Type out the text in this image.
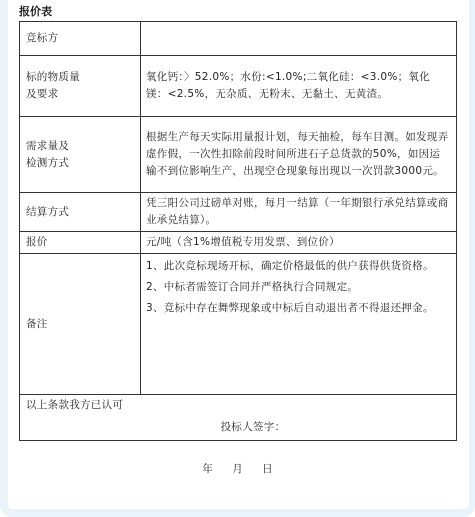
报价表
竞标方	
标的物质量
及要求	氧化钙：〉52.0%；水份:<1.0%;二氧化硅：<3.0%；氧化镁：<2.5%，无杂质、无粉末、无黏土、无黄渣。
需求量及
检测方式	根据生产每天实际用量报计划，每天抽检，每车目测。如发现弄虚作假，一次性扣除前段时间所进石子总货款的50%，如因运输不到位影响生产，出现空仓现象每出现以一次罚款3000元。
结算方式	凭三阳公司过磅单对账，每月一结算（一年期银行承兑结算或商业承兑结算）。
报价	元/吨（含1%增值税专用发票、到位价）
备注	1、此次竞标现场开标，确定价格最低的供户获得供货资格。

2、中标者需签订合同并严格执行合同规定。

3、竞标中存在舞弊现象或中标后自动退出者不得退还押金。

以上条款我方已认可
投标人签字：	
年 月 日
